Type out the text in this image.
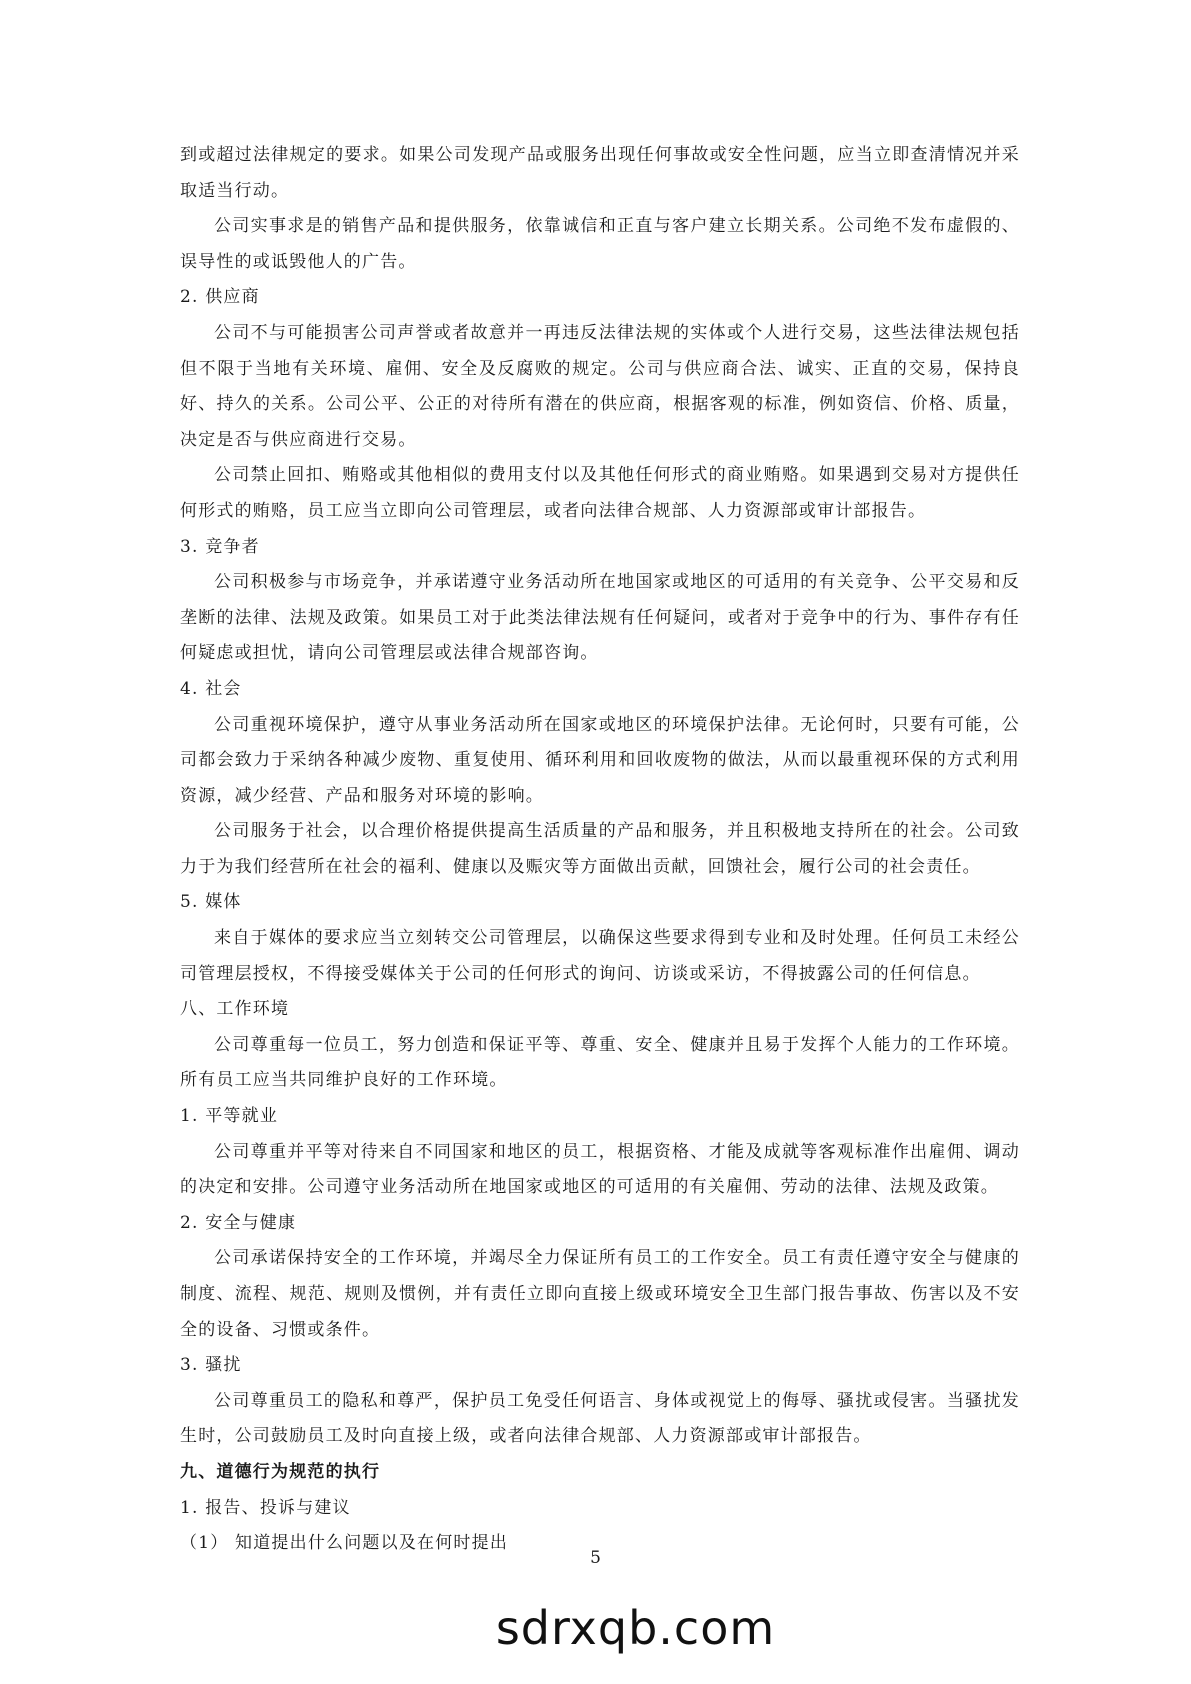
到或超过法律规定的要求。如果公司发现产品或服务出现任何事故或安全性问题，应当立即查清情况并采取适当行动。

公司实事求是的销售产品和提供服务，依靠诚信和正直与客户建立长期关系。公司绝不发布虚假的、误导性的或诋毁他人的广告。

2. 供应商

公司不与可能损害公司声誉或者故意并一再违反法律法规的实体或个人进行交易，这些法律法规包括但不限于当地有关环境、雇佣、安全及反腐败的规定。公司与供应商合法、诚实、正直的交易，保持良好、持久的关系。公司公平、公正的对待所有潜在的供应商，根据客观的标准，例如资信、价格、质量，决定是否与供应商进行交易。

公司禁止回扣、贿赂或其他相似的费用支付以及其他任何形式的商业贿赂。如果遇到交易对方提供任何形式的贿赂，员工应当立即向公司管理层，或者向法律合规部、人力资源部或审计部报告。

3. 竞争者

公司积极参与市场竞争，并承诺遵守业务活动所在地国家或地区的可适用的有关竞争、公平交易和反垄断的法律、法规及政策。如果员工对于此类法律法规有任何疑问，或者对于竞争中的行为、事件存有任何疑虑或担忧，请向公司管理层或法律合规部咨询。

4. 社会

公司重视环境保护，遵守从事业务活动所在国家或地区的环境保护法律。无论何时，只要有可能，公司都会致力于采纳各种减少废物、重复使用、循环利用和回收废物的做法，从而以最重视环保的方式利用资源，减少经营、产品和服务对环境的影响。

公司服务于社会，以合理价格提供提高生活质量的产品和服务，并且积极地支持所在的社会。公司致力于为我们经营所在社会的福利、健康以及赈灾等方面做出贡献，回馈社会，履行公司的社会责任。

5. 媒体

来自于媒体的要求应当立刻转交公司管理层，以确保这些要求得到专业和及时处理。任何员工未经公司管理层授权，不得接受媒体关于公司的任何形式的询问、访谈或采访，不得披露公司的任何信息。

八、工作环境

公司尊重每一位员工，努力创造和保证平等、尊重、安全、健康并且易于发挥个人能力的工作环境。所有员工应当共同维护良好的工作环境。

1. 平等就业

公司尊重并平等对待来自不同国家和地区的员工，根据资格、才能及成就等客观标准作出雇佣、调动的决定和安排。公司遵守业务活动所在地国家或地区的可适用的有关雇佣、劳动的法律、法规及政策。

2. 安全与健康

公司承诺保持安全的工作环境，并竭尽全力保证所有员工的工作安全。员工有责任遵守安全与健康的制度、流程、规范、规则及惯例，并有责任立即向直接上级或环境安全卫生部门报告事故、伤害以及不安全的设备、习惯或条件。

3. 骚扰

公司尊重员工的隐私和尊严，保护员工免受任何语言、身体或视觉上的侮辱、骚扰或侵害。当骚扰发生时，公司鼓励员工及时向直接上级，或者向法律合规部、人力资源部或审计部报告。

九、道德行为规范的执行

1. 报告、投诉与建议

（1） 知道提出什么问题以及在何时提出

5
sdrxqb.com
